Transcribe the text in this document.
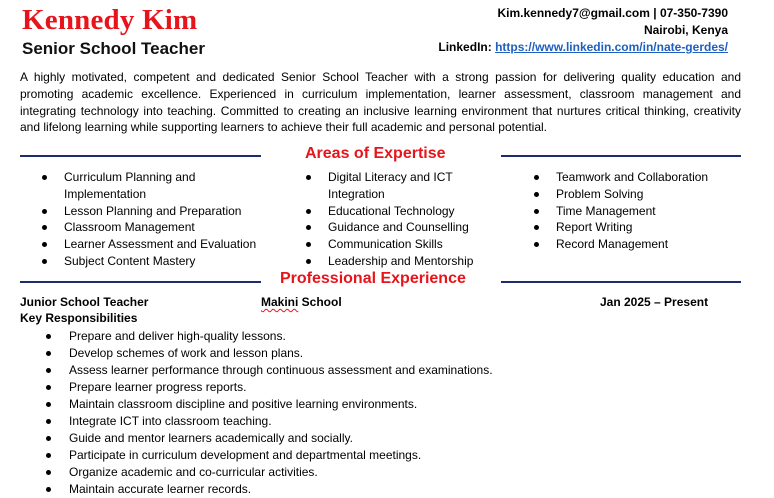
Kennedy Kim
Senior School Teacher
Kim.kennedy7@gmail.com | 07-350-7390
Nairobi, Kenya
LinkedIn: https://www.linkedin.com/in/nate-gerdes/
A highly motivated, competent and dedicated Senior School Teacher with a strong passion for delivering quality education and promoting academic excellence. Experienced in curriculum implementation, learner assessment, classroom management and integrating technology into teaching. Committed to creating an inclusive learning environment that nurtures critical thinking, creativity and lifelong learning while supporting learners to achieve their full academic and personal potential.
Areas of Expertise
Curriculum Planning and Implementation
Lesson Planning and Preparation
Classroom Management
Learner Assessment and Evaluation
Subject Content Mastery
Digital Literacy and ICT Integration
Educational Technology
Guidance and Counselling
Communication Skills
Leadership and Mentorship
Teamwork and Collaboration
Problem Solving
Time Management
Report Writing
Record Management
Professional Experience
Junior School Teacher	Makini School	Jan 2025 – Present
Key Responsibilities
Prepare and deliver high-quality lessons.
Develop schemes of work and lesson plans.
Assess learner performance through continuous assessment and examinations.
Prepare learner progress reports.
Maintain classroom discipline and positive learning environments.
Integrate ICT into classroom teaching.
Guide and mentor learners academically and socially.
Participate in curriculum development and departmental meetings.
Organize academic and co-curricular activities.
Maintain accurate learner records.
